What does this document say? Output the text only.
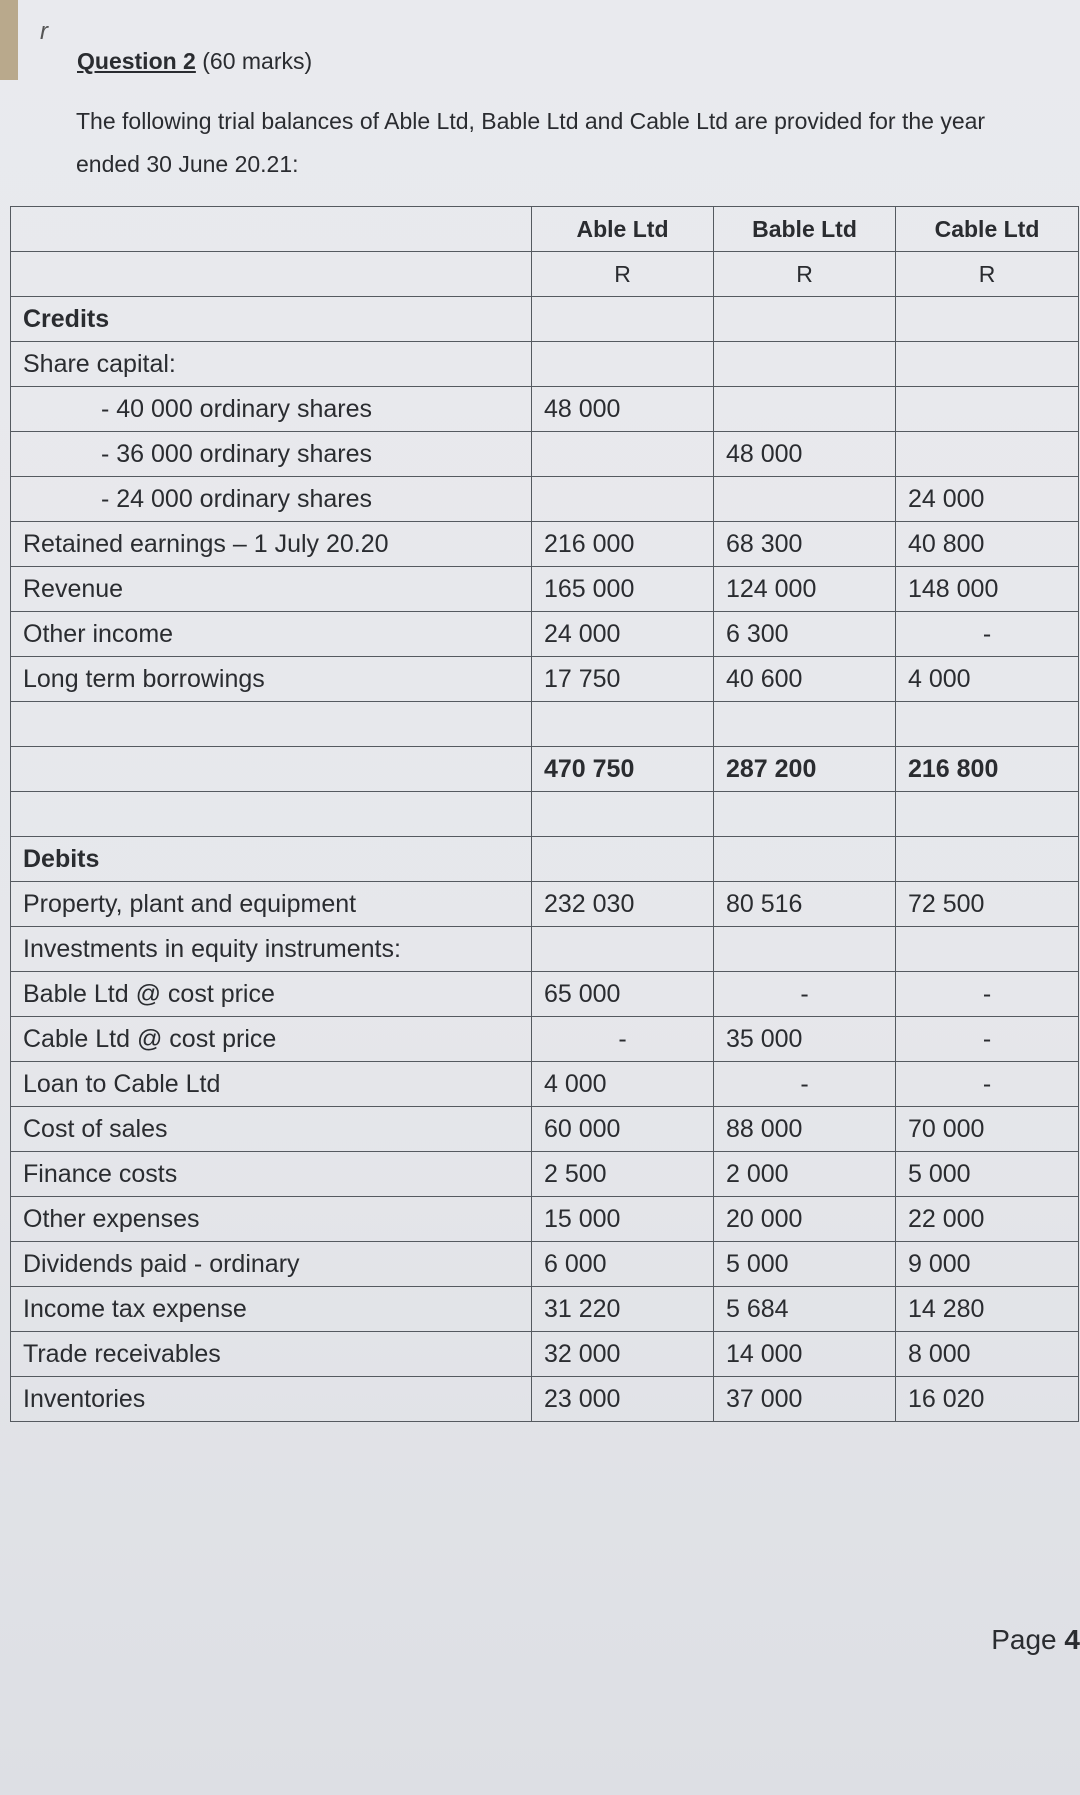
r
Question 2 (60 marks)
The following trial balances of Able Ltd, Bable Ltd and Cable Ltd are provided for the year ended 30 June 20.21:
	Able Ltd	Bable Ltd	Cable Ltd
	R	R	R
Credits			
Share capital:			
- 40 000 ordinary shares	48 000		
- 36 000 ordinary shares		48 000	
- 24 000 ordinary shares			24 000
Retained earnings – 1 July 20.20	216 000	68 300	40 800
Revenue	165 000	124 000	148 000
Other income	24 000	6 300	-
Long term borrowings	17 750	40 600	4 000

	470 750	287 200	216 800

Debits			
Property, plant and equipment	232 030	80 516	72 500
Investments in equity instruments:			
Bable Ltd @ cost price	65 000	-	-
Cable Ltd @ cost price	-	35 000	-
Loan to Cable Ltd	4 000	-	-
Cost of sales	60 000	88 000	70 000
Finance costs	2 500	2 000	5 000
Other expenses	15 000	20 000	22 000
Dividends paid - ordinary	6 000	5 000	9 000
Income tax expense	31 220	5 684	14 280
Trade receivables	32 000	14 000	8 000
Inventories	23 000	37 000	16 020
Page 4
